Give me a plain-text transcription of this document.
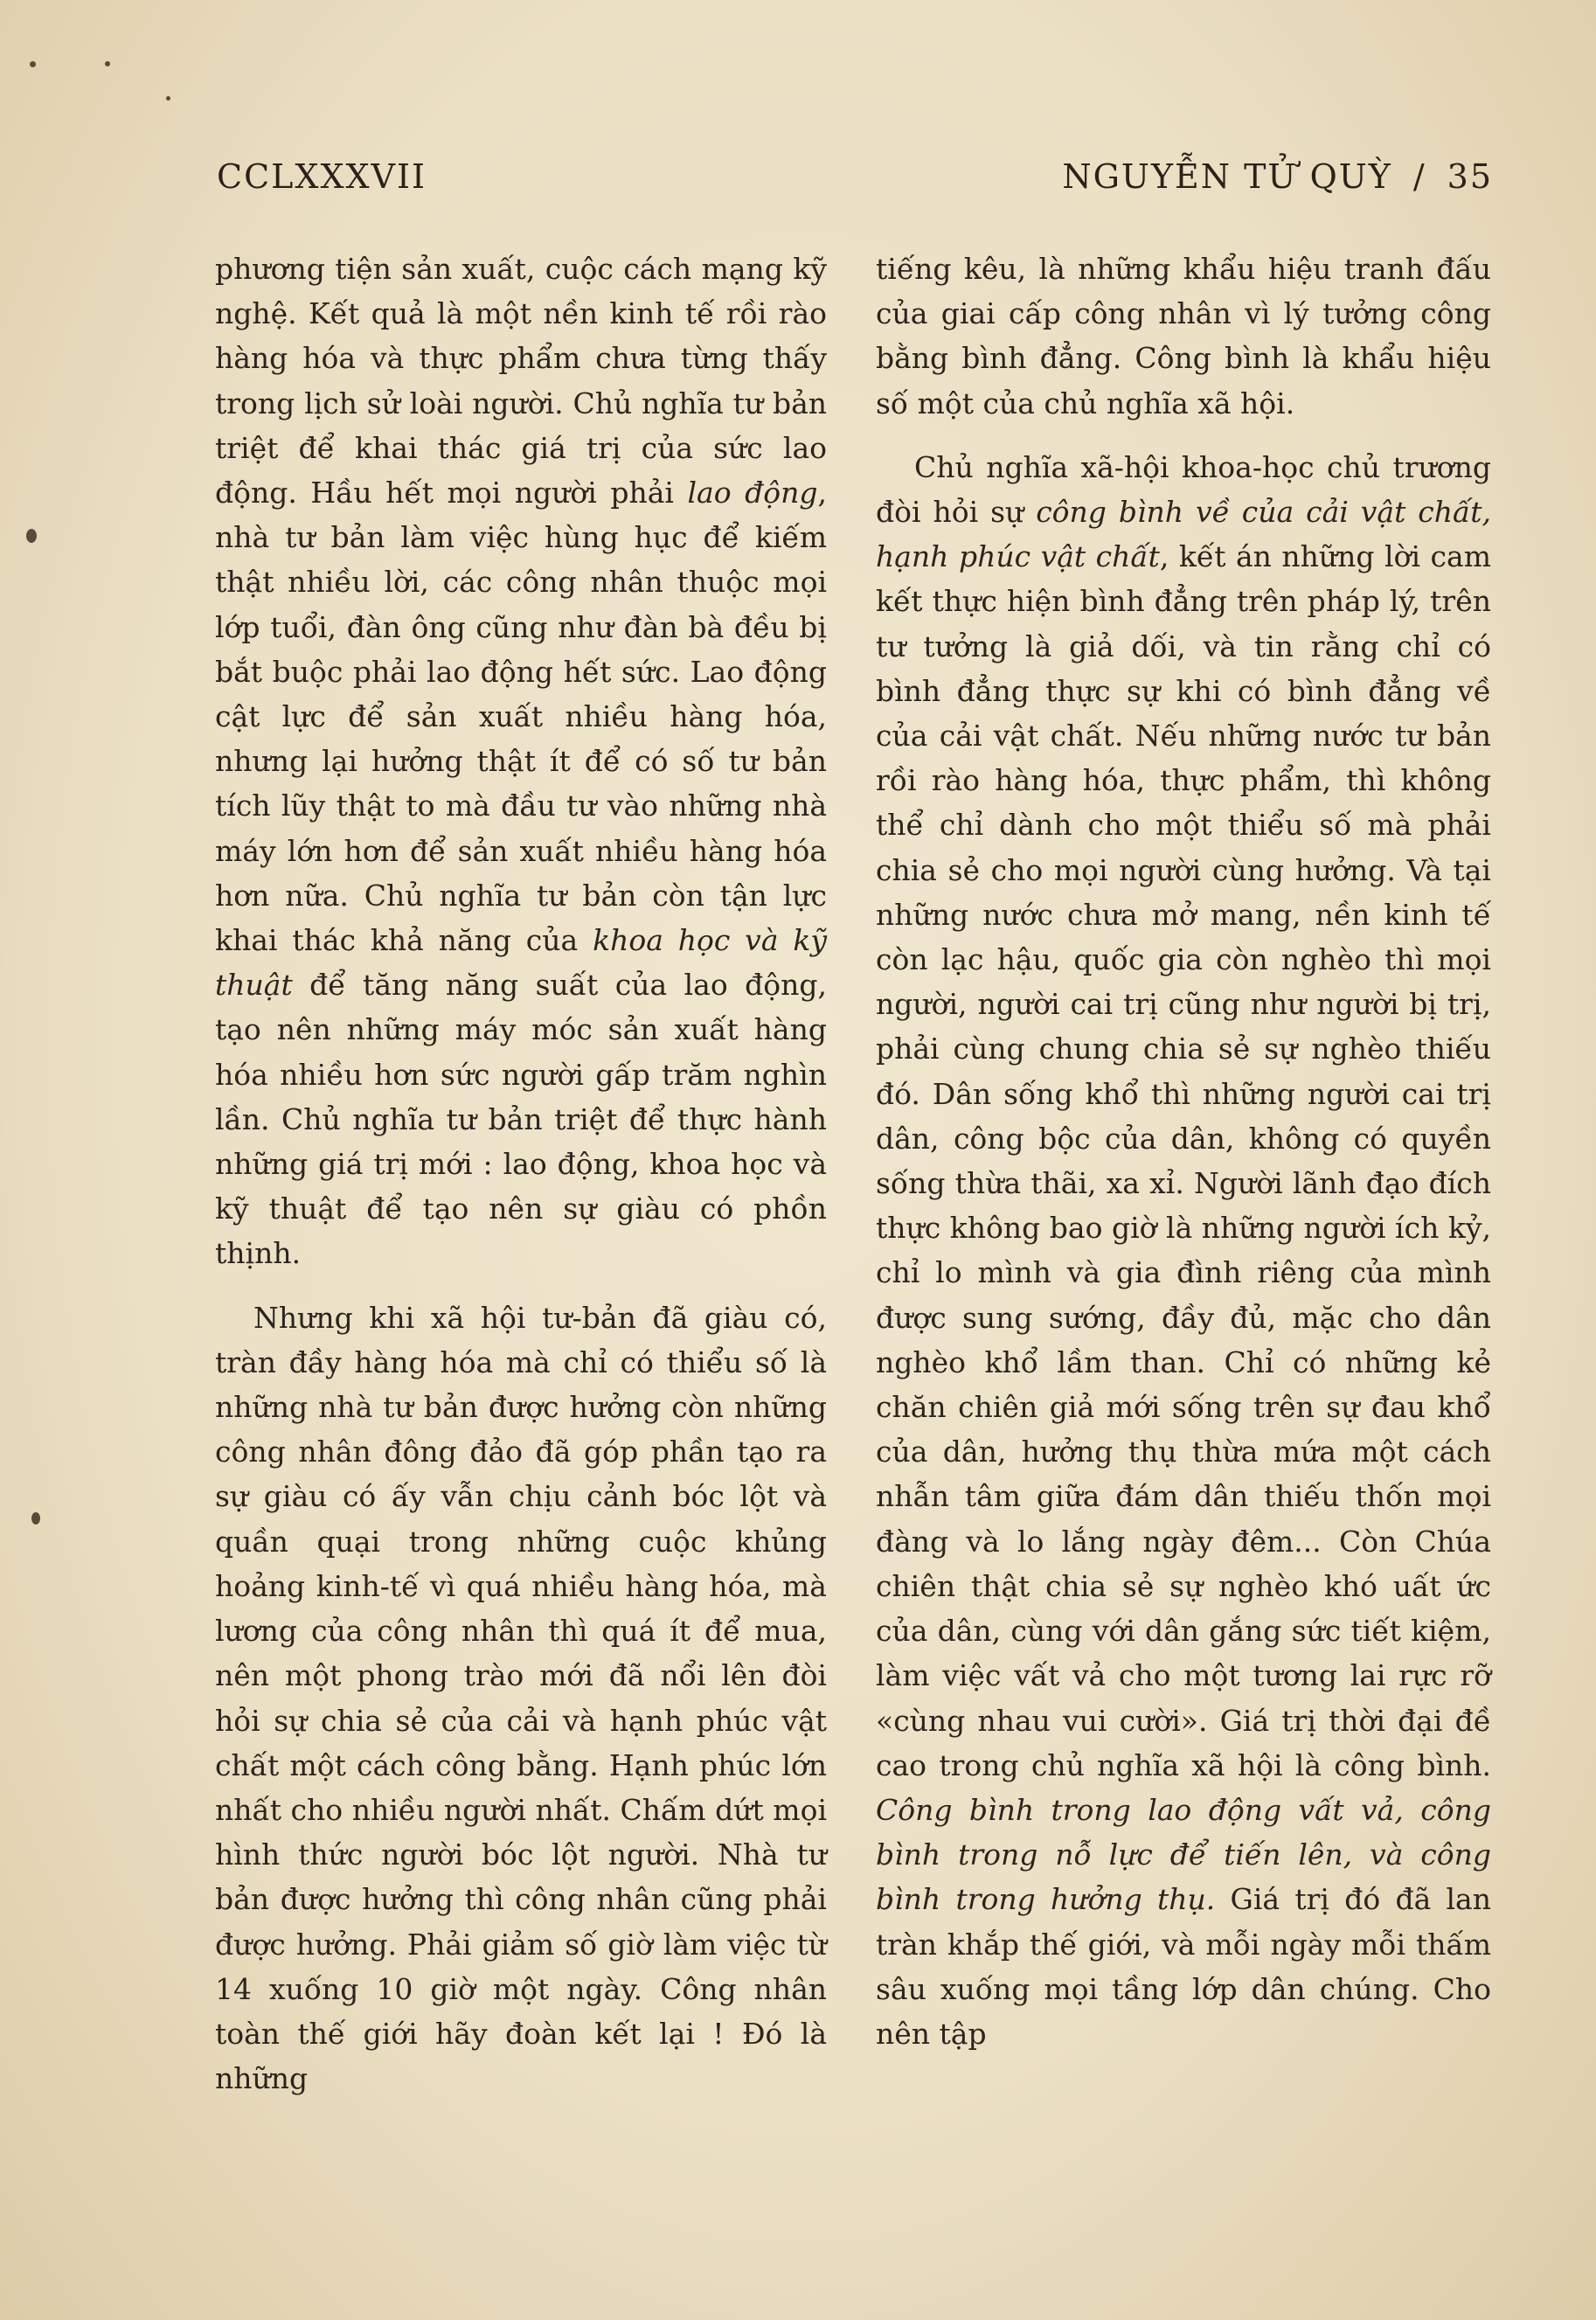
CCLXXXVII	NGUYỄN TỬ QUỲ / 35

phương tiện sản xuất, cuộc cách mạng kỹ nghệ. Kết quả là một nền kinh tế rồi rào hàng hóa và thực phẩm chưa từng thấy trong lịch sử loài người. Chủ nghĩa tư bản triệt để khai thác giá trị của sức lao động. Hầu hết mọi người phải lao động, nhà tư bản làm việc hùng hục để kiếm thật nhiều lời, các công nhân thuộc mọi lớp tuổi, đàn ông cũng như đàn bà đều bị bắt buộc phải lao động hết sức. Lao động cật lực để sản xuất nhiều hàng hóa, nhưng lại hưởng thật ít để có số tư bản tích lũy thật to mà đầu tư vào những nhà máy lớn hơn để sản xuất nhiều hàng hóa hơn nữa. Chủ nghĩa tư bản còn tận lực khai thác khả năng của khoa học và kỹ thuật để tăng năng suất của lao động, tạo nên những máy móc sản xuất hàng hóa nhiều hơn sức người gấp trăm nghìn lần. Chủ nghĩa tư bản triệt để thực hành những giá trị mới : lao động, khoa học và kỹ thuật để tạo nên sự giàu có phồn thịnh.

Nhưng khi xã hội tư-bản đã giàu có, tràn đầy hàng hóa mà chỉ có thiểu số là những nhà tư bản được hưởng còn những công nhân đông đảo đã góp phần tạo ra sự giàu có ấy vẫn chịu cảnh bóc lột và quần quại trong những cuộc khủng hoảng kinh-tế vì quá nhiều hàng hóa, mà lương của công nhân thì quá ít để mua, nên một phong trào mới đã nổi lên đòi hỏi sự chia sẻ của cải và hạnh phúc vật chất một cách công bằng. Hạnh phúc lớn nhất cho nhiều người nhất. Chấm dứt mọi hình thức người bóc lột người. Nhà tư bản được hưởng thì công nhân cũng phải được hưởng. Phải giảm số giờ làm việc từ 14 xuống 10 giờ một ngày. Công nhân toàn thế giới hãy đoàn kết lại ! Đó là những

tiếng kêu, là những khẩu hiệu tranh đấu của giai cấp công nhân vì lý tưởng công bằng bình đẳng. Công bình là khẩu hiệu số một của chủ nghĩa xã hội.

Chủ nghĩa xã-hội khoa-học chủ trương đòi hỏi sự công bình về của cải vật chất, hạnh phúc vật chất, kết án những lời cam kết thực hiện bình đẳng trên pháp lý, trên tư tưởng là giả dối, và tin rằng chỉ có bình đẳng thực sự khi có bình đẳng về của cải vật chất. Nếu những nước tư bản rồi rào hàng hóa, thực phẩm, thì không thể chỉ dành cho một thiểu số mà phải chia sẻ cho mọi người cùng hưởng. Và tại những nước chưa mở mang, nền kinh tế còn lạc hậu, quốc gia còn nghèo thì mọi người, người cai trị cũng như người bị trị, phải cùng chung chia sẻ sự nghèo thiếu đó. Dân sống khổ thì những người cai trị dân, công bộc của dân, không có quyền sống thừa thãi, xa xỉ. Người lãnh đạo đích thực không bao giờ là những người ích kỷ, chỉ lo mình và gia đình riêng của mình được sung sướng, đầy đủ, mặc cho dân nghèo khổ lầm than. Chỉ có những kẻ chăn chiên giả mới sống trên sự đau khổ của dân, hưởng thụ thừa mứa một cách nhẫn tâm giữa đám dân thiếu thốn mọi đàng và lo lắng ngày đêm... Còn Chúa chiên thật chia sẻ sự nghèo khó uất ức của dân, cùng với dân gắng sức tiết kiệm, làm việc vất vả cho một tương lai rực rỡ «cùng nhau vui cười». Giá trị thời đại đề cao trong chủ nghĩa xã hội là công bình. Công bình trong lao động vất vả, công bình trong nỗ lực để tiến lên, và công bình trong hưởng thụ. Giá trị đó đã lan tràn khắp thế giới, và mỗi ngày mỗi thấm sâu xuống mọi tầng lớp dân chúng. Cho nên tập
